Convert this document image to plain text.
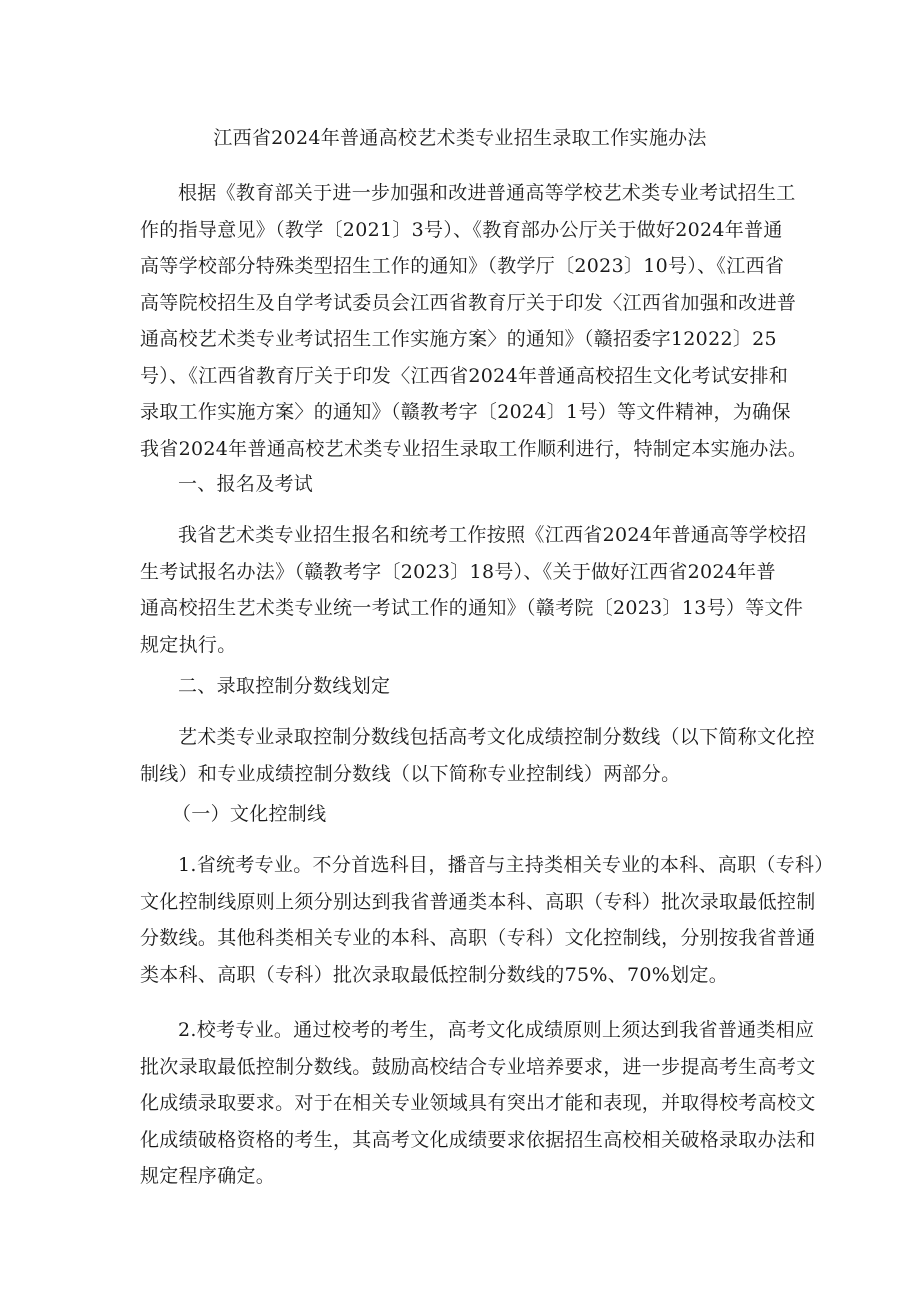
江西省2024年普通高校艺术类专业招生录取工作实施办法
根据《教育部关于进一步加强和改进普通高等学校艺术类专业考试招生工
作的指导意见》（教学〔2021〕3号）、《教育部办公厅关于做好2024年普通
高等学校部分特殊类型招生工作的通知》（教学厅〔2023〕10号）、《江西省
高等院校招生及自学考试委员会江西省教育厅关于印发〈江西省加强和改进普
通高校艺术类专业考试招生工作实施方案〉的通知》（赣招委字12022〕25
号）、《江西省教育厅关于印发〈江西省2024年普通高校招生文化考试安排和
录取工作实施方案〉的通知》（赣教考字〔2024〕1号）等文件精神，为确保
我省2024年普通高校艺术类专业招生录取工作顺利进行，特制定本实施办法。

一、报名及考试

我省艺术类专业招生报名和统考工作按照《江西省2024年普通高等学校招
生考试报名办法》（赣教考字〔2023〕18号）、《关于做好江西省2024年普
通高校招生艺术类专业统一考试工作的通知》（赣考院〔2023〕13号）等文件
规定执行。

二、录取控制分数线划定

艺术类专业录取控制分数线包括高考文化成绩控制分数线（以下简称文化控
制线）和专业成绩控制分数线（以下简称专业控制线）两部分。

（一）文化控制线

1.省统考专业。不分首选科目，播音与主持类相关专业的本科、高职（专科）
文化控制线原则上须分别达到我省普通类本科、高职（专科）批次录取最低控制
分数线。其他科类相关专业的本科、高职（专科）文化控制线，分别按我省普通
类本科、高职（专科）批次录取最低控制分数线的75%、70%划定。
2.校考专业。通过校考的考生，高考文化成绩原则上须达到我省普通类相应
批次录取最低控制分数线。鼓励高校结合专业培养要求，进一步提高考生高考文
化成绩录取要求。对于在相关专业领域具有突出才能和表现，并取得校考高校文
化成绩破格资格的考生，其高考文化成绩要求依据招生高校相关破格录取办法和
规定程序确定。
